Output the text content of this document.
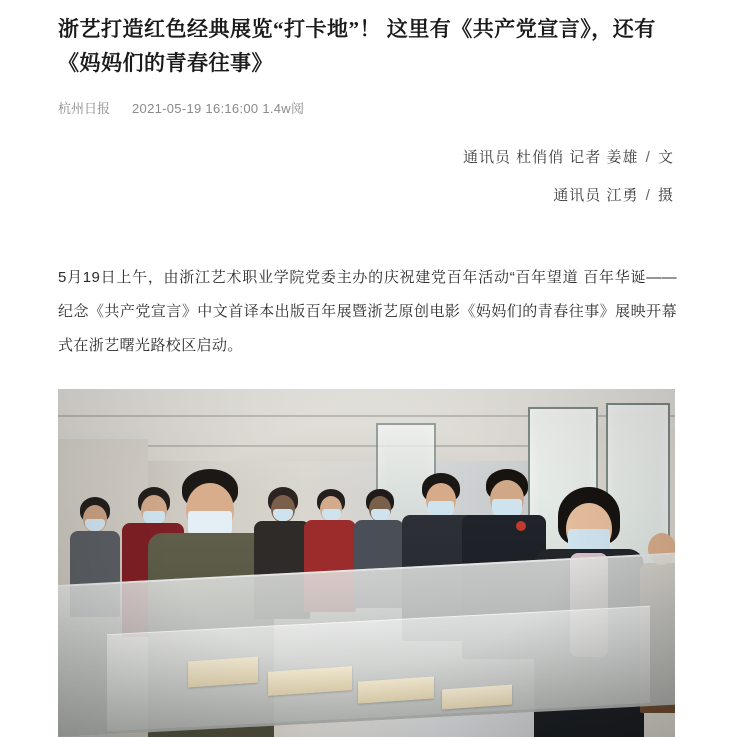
浙艺打造红色经典展览“打卡地”！ 这里有《共产党宣言》，还有《妈妈们的青春往事》
杭州日报 2021-05-19 16:16:00 1.4w阅
通讯员 杜俏俏 记者 姜雄 / 文
通讯员 江勇 / 摄

5月19日上午，由浙江艺术职业学院党委主办的庆祝建党百年活动“百年望道 百年华诞——纪念《共产党宣言》中文首译本出版百年展暨浙艺原创电影《妈妈们的青春往事》展映开幕式在浙艺曙光路校区启动。
